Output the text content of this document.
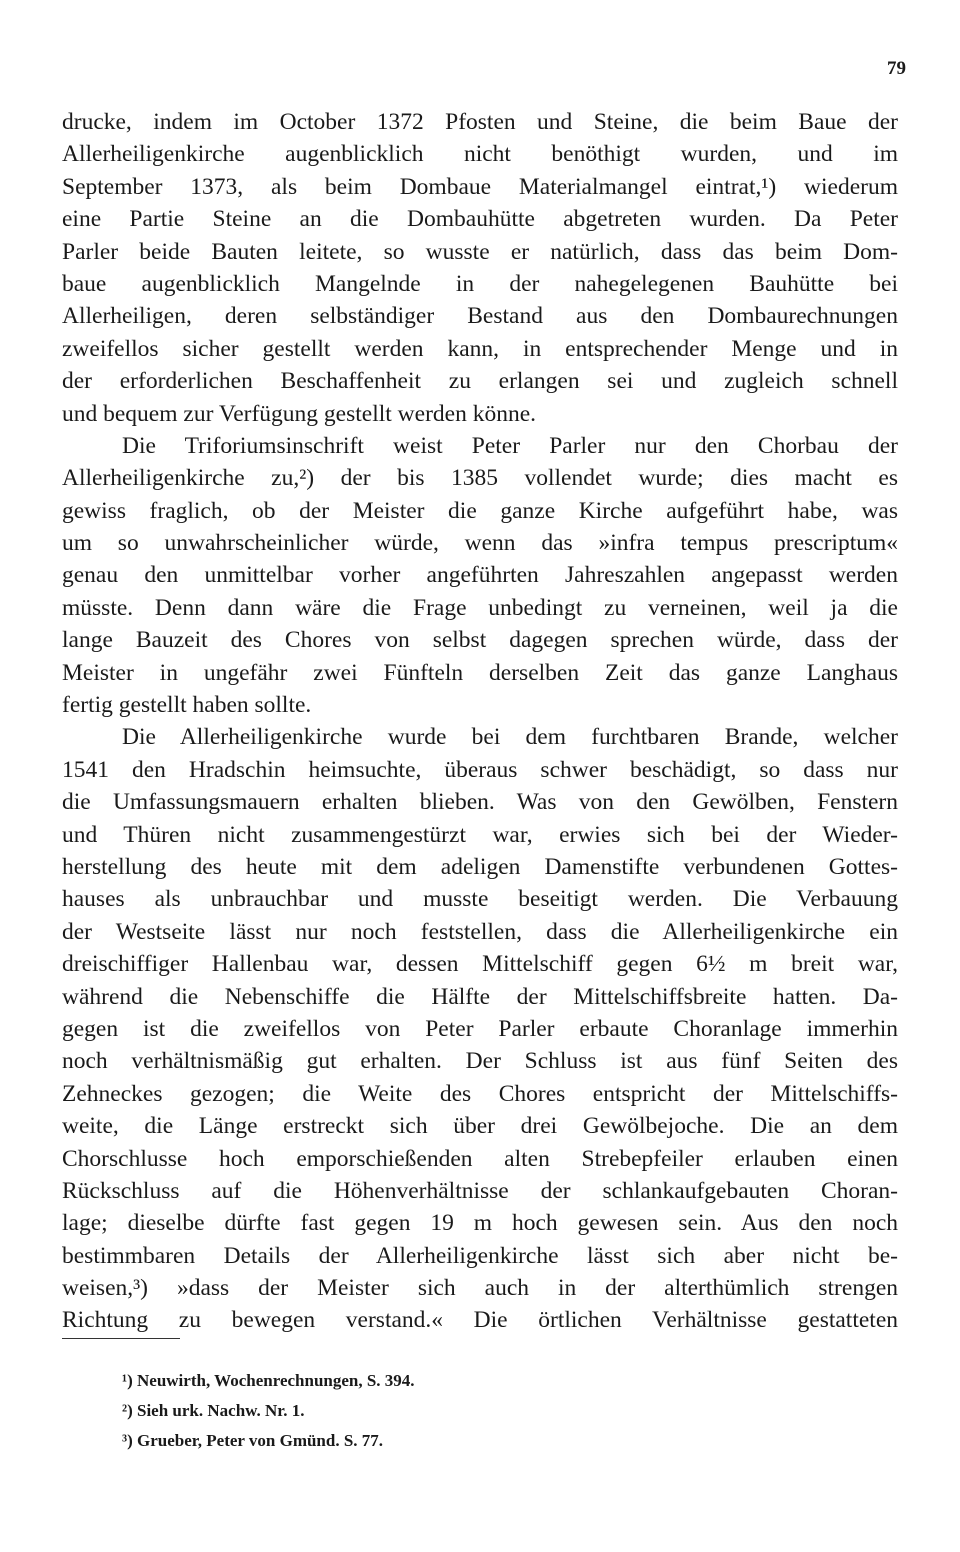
79
drucke, indem im October 1372 Pfosten und Steine, die beim Baue der
Allerheiligenkirche augenblicklich nicht benöthigt wurden, und im
September 1373, als beim Dombaue Materialmangel eintrat,¹) wiederum
eine Partie Steine an die Dombauhütte abgetreten wurden. Da Peter
Parler beide Bauten leitete, so wusste er natürlich, dass das beim Dom-
baue augenblicklich Mangelnde in der nahegelegenen Bauhütte bei
Allerheiligen, deren selbständiger Bestand aus den Dombaurechnungen
zweifellos sicher gestellt werden kann, in entsprechender Menge und in
der erforderlichen Beschaffenheit zu erlangen sei und zugleich schnell
und bequem zur Verfügung gestellt werden könne.
Die Triforiumsinschrift weist Peter Parler nur den Chorbau der
Allerheiligenkirche zu,²) der bis 1385 vollendet wurde; dies macht es
gewiss fraglich, ob der Meister die ganze Kirche aufgeführt habe, was
um so unwahrscheinlicher würde, wenn das »infra tempus prescriptum«
genau den unmittelbar vorher angeführten Jahreszahlen angepasst werden
müsste. Denn dann wäre die Frage unbedingt zu verneinen, weil ja die
lange Bauzeit des Chores von selbst dagegen sprechen würde, dass der
Meister in ungefähr zwei Fünfteln derselben Zeit das ganze Langhaus
fertig gestellt haben sollte.
Die Allerheiligenkirche wurde bei dem furchtbaren Brande, welcher
1541 den Hradschin heimsuchte, überaus schwer beschädigt, so dass nur
die Umfassungsmauern erhalten blieben. Was von den Gewölben, Fenstern
und Thüren nicht zusammengestürzt war, erwies sich bei der Wieder-
herstellung des heute mit dem adeligen Damenstifte verbundenen Gottes-
hauses als unbrauchbar und musste beseitigt werden. Die Verbauung
der Westseite lässt nur noch feststellen, dass die Allerheiligenkirche ein
dreischiffiger Hallenbau war, dessen Mittelschiff gegen 6½ m breit war,
während die Nebenschiffe die Hälfte der Mittelschiffsbreite hatten. Da-
gegen ist die zweifellos von Peter Parler erbaute Choranlage immerhin
noch verhältnismäßig gut erhalten. Der Schluss ist aus fünf Seiten des
Zehneckes gezogen; die Weite des Chores entspricht der Mittelschiffs-
weite, die Länge erstreckt sich über drei Gewölbejoche. Die an dem
Chorschlusse hoch emporschießenden alten Strebepfeiler erlauben einen
Rückschluss auf die Höhenverhältnisse der schlankaufgebauten Choran-
lage; dieselbe dürfte fast gegen 19 m hoch gewesen sein. Aus den noch
bestimmbaren Details der Allerheiligenkirche lässt sich aber nicht be-
weisen,³) »dass der Meister sich auch in der alterthümlich strengen
Richtung zu bewegen verstand.« Die örtlichen Verhältnisse gestatteten
¹) Neuwirth, Wochenrechnungen, S. 394.
²) Sieh urk. Nachw. Nr. 1.
³) Grueber, Peter von Gmünd. S. 77.
